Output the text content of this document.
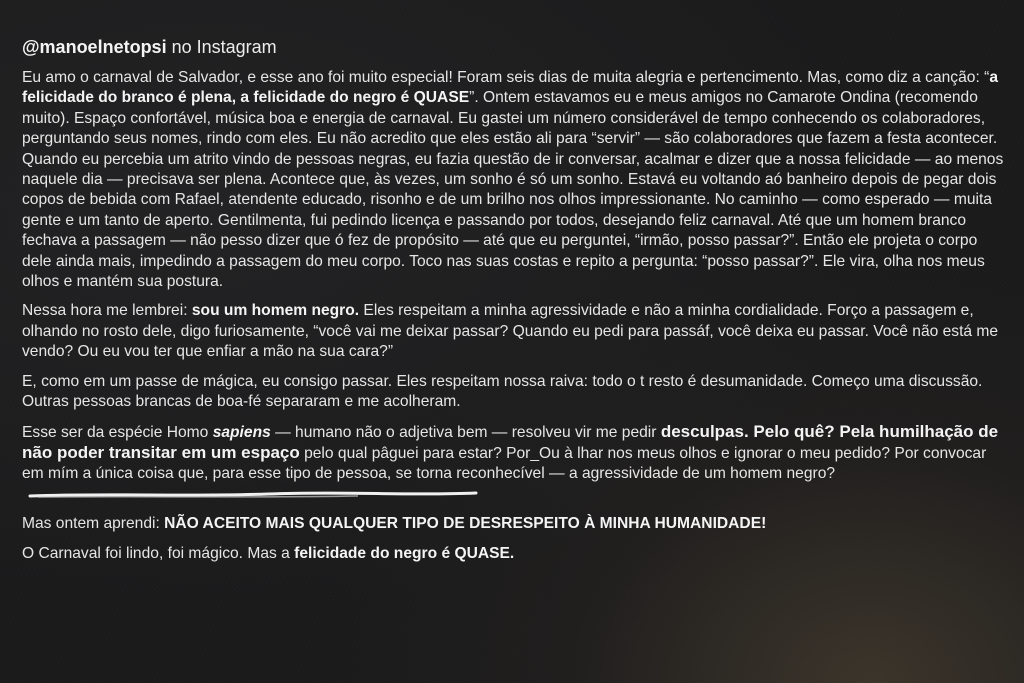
@manoelnetopsi no Instagram

Eu amo o carnaval de Salvador, e esse ano foi muito especial! Foram seis dias de muita alegria e pertencimento. Mas, como diz a canção: “a felicidade do branco é plena, a felicidade do negro é QUASE”. Ontem estavamos eu e meus amigos no Camarote Ondina (recomendo muito). Espaço confortável, música boa e energia de carnaval. Eu gastei um número considerável de tempo conhecendo os colaboradores, perguntando seus nomes, rindo com eles. Eu não acredito que eles estão ali para “servir” — são colaboradores que fazem a festa acontecer. Quando eu percebia um atrito vindo de pessoas negras, eu fazia questão de ir conversar, acalmar e dizer que a nossa felicidade — ao menos naquele dia — precisava ser plena. Acontece que, às vezes, um sonho é só um sonho. Estavá eu voltando aó banheiro depois de pegar dois copos de bebida com Rafael, atendente educado, risonho e de um brilho nos olhos impressionante. No caminho — como esperado — muita gente e um tanto de aperto. Gentilmenta, fui pedindo licença e passando por todos, desejando feliz carnaval. Até que um homem branco fechava a passagem — não pesso dizer que ó fez de propósito — até que eu perguntei, “irmão, posso passar?”. Então ele projeta o corpo dele ainda mais, impedindo a passagem do meu corpo. Toco nas suas costas e repito a pergunta: “posso passar?”. Ele vira, olha nos meus olhos e mantém sua postura.

Nessa hora me lembrei: sou um homem negro. Eles respeitam a minha agressividade e não a minha cordialidade. Forço a passagem e, olhando no rosto dele, digo furiosamente, “você vai me deixar passar? Quando eu pedi para passáf, você deixa eu passar. Você não está me vendo? Ou eu vou ter que enfiar a mão na sua cara?”

E, como em um passe de mágica, eu consigo passar. Eles respeitam nossa raiva: todo o t resto é desumanidade. Começo uma discussão. Outras pessoas brancas de boa-fé separaram e me acolheram.

Esse ser da espécie Homo sapiens — humano não o adjetiva bem — resolveu vir me pedir desculpas. Pelo quê? Pela humilhação de não poder transitar em um espaço pelo qual pâguei para estar? Por_Ou à lhar nos meus olhos e ignorar o meu pedido? Por convocar em mím a única coisa que, para esse tipo de pessoa, se torna reconhecível — a agressividade de um homem negro?

Mas ontem aprendi: NÃO ACEITO MAIS QUALQUER TIPO DE DESRESPEITO À MINHA HUMANIDADE!

O Carnaval foi lindo, foi mágico. Mas a felicidade do negro é QUASE.
